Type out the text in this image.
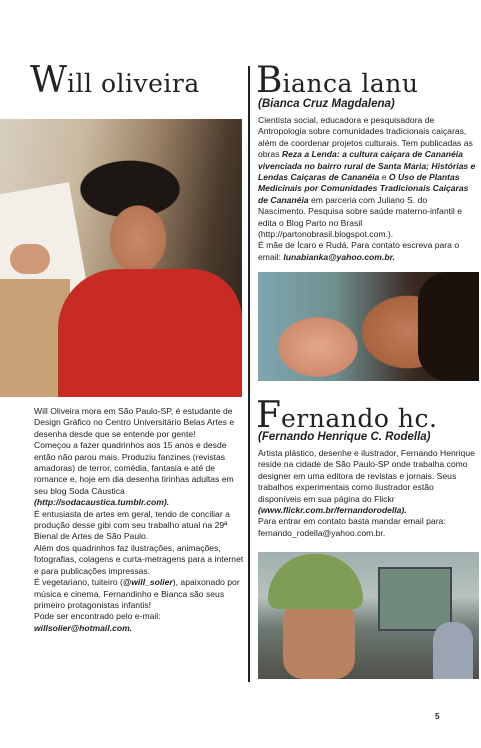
Will oliveira

Will Oliveira mora em São Paulo-SP, é estudante de Design Gráfico no Centro Universitário Belas Artes e desenha desde que se entende por gente!

Começou a fazer quadrinhos aos 15 anos e desde então não parou mais. Produziu fanzines (revistas amadoras) de terror, comédia, fantasia e até de romance e, hoje em dia desenha tirinhas adultas em seu blog Soda Cáustica

(http://sodacaustica.tumblr.com).

É entusiasta de artes em geral, tendo de conciliar a produção desse gibi com seu trabalho atual na 29ª Bienal de Artes de São Paulo.

Além dos quadrinhos faz ilustrações, animações, fotografias, colagens e curta-metragens para a internet e para publicações impressas.

É vegetariano, tuiteiro (@will_solier), apaixonado por música e cinema. Fernandinho e Bianca são seus primeiro protagonistas infantis!

Pode ser encontrado pelo e-mail:

willsolier@hotmail.com.

Bianca lanu
(Bianca Cruz Magdalena)

Cientista social, educadora e pesquisadora de Antropologia sobre comunidades tradicionais caiçaras, além de coordenar projetos culturais. Tem publicadas as obras Reza a Lenda: a cultura caiçara de Cananéia vivenciada no bairro rural de Santa Maria; Histórias e Lendas Caiçaras de Cananéia e O Uso de Plantas Medicinais por Comunidades Tradicionais Caiçaras de Cananéia em parceria com Juliano S. do Nascimento. Pesquisa sobre saúde materno-infantil e edita o Blog Parto no Brasil (http://partonobrasil.blogspot.com.).

É mãe de Ícaro e Rudá. Para contato escreva para o email: lunabianka@yahoo.com.br.

Fernando hc.
(Fernando Henrique C. Rodella)

Artista plástico, desenhe e ilustrador, Fernando Henrique reside na cidade de São Paulo-SP onde trabalha como designer em uma editora de revistas e jornais. Seus trabalhos experimentais como ilustrador estão disponíveis em sua página do Flickr (www.flickr.com.br/fernandorodella).

Para entrar em contato basta mandar email para: fernando_rodella@yahoo.com.br.

5
